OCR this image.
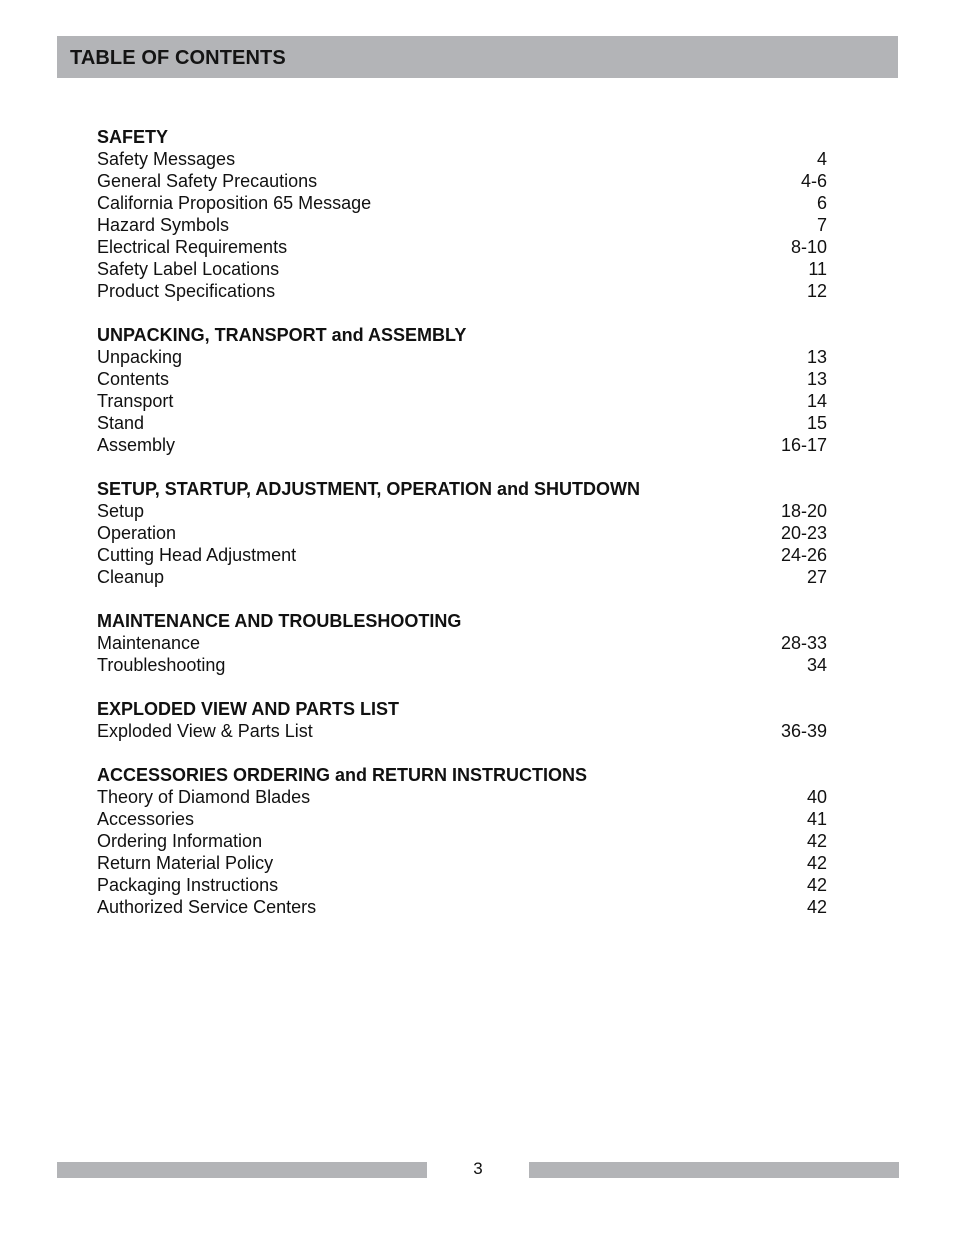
TABLE OF CONTENTS
SAFETY
Safety Messages	4
General Safety Precautions	4-6
California Proposition 65 Message	6
Hazard Symbols	7
Electrical Requirements	8-10
Safety Label Locations	11
Product Specifications	12
UNPACKING, TRANSPORT and ASSEMBLY
Unpacking	13
Contents	13
Transport	14
Stand	15
Assembly	16-17
SETUP, STARTUP, ADJUSTMENT, OPERATION and SHUTDOWN
Setup	18-20
Operation	20-23
Cutting Head Adjustment	24-26
Cleanup	27
MAINTENANCE AND TROUBLESHOOTING
Maintenance	28-33
Troubleshooting	34
EXPLODED VIEW AND PARTS LIST
Exploded View & Parts List	36-39
ACCESSORIES ORDERING and RETURN INSTRUCTIONS
Theory of Diamond Blades	40
Accessories	41
Ordering Information	42
Return Material Policy	42
Packaging Instructions	42
Authorized Service Centers	42
3
